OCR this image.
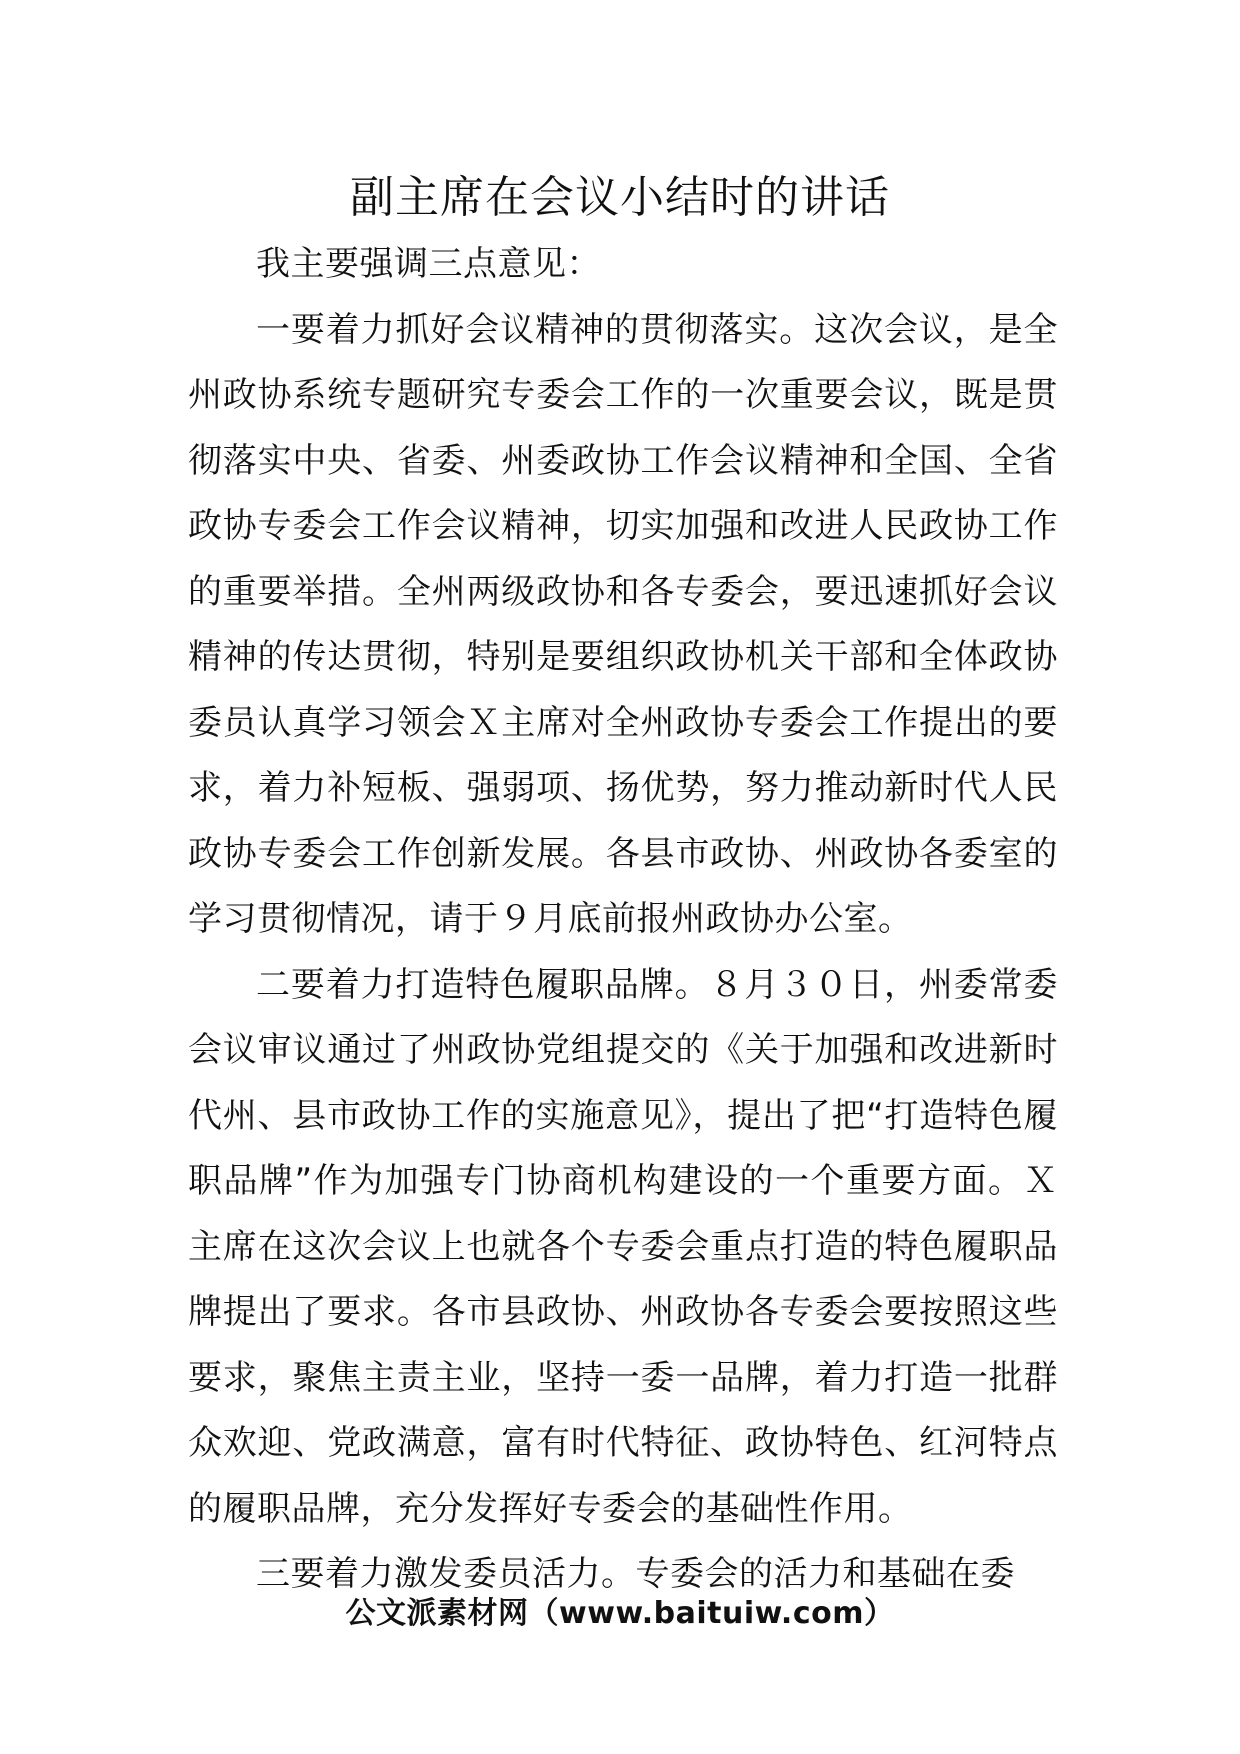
副主席在会议小结时的讲话

我主要强调三点意见：

一要着力抓好会议精神的贯彻落实。这次会议，是全州政协系统专题研究专委会工作的一次重要会议，既是贯彻落实中央、省委、州委政协工作会议精神和全国、全省政协专委会工作会议精神，切实加强和改进人民政协工作的重要举措。全州两级政协和各专委会，要迅速抓好会议精神的传达贯彻，特别是要组织政协机关干部和全体政协委员认真学习领会Ｘ主席对全州政协专委会工作提出的要求，着力补短板、强弱项、扬优势，努力推动新时代人民政协专委会工作创新发展。各县市政协、州政协各委室的学习贯彻情况，请于９月底前报州政协办公室。

二要着力打造特色履职品牌。８月３０日，州委常委会议审议通过了州政协党组提交的《关于加强和改进新时代州、县市政协工作的实施意见》，提出了把“打造特色履职品牌”作为加强专门协商机构建设的一个重要方面。Ｘ主席在这次会议上也就各个专委会重点打造的特色履职品牌提出了要求。各市县政协、州政协各专委会要按照这些要求，聚焦主责主业，坚持一委一品牌，着力打造一批群众欢迎、党政满意，富有时代特征、政协特色、红河特点的履职品牌，充分发挥好专委会的基础性作用。

三要着力激发委员活力。专委会的活力和基础在委

公文派素材网（www.baituiw.com）
